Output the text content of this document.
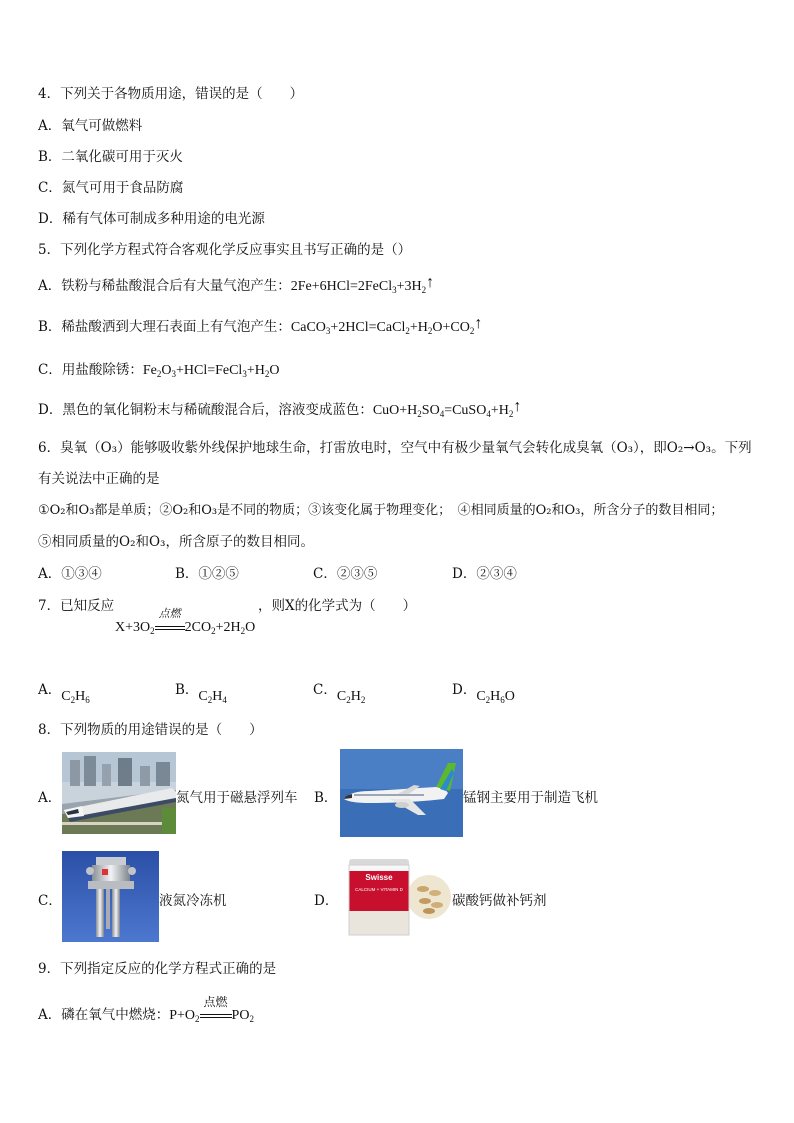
4．下列关于各物质用途，错误的是（　　）
A．氧气可做燃料
B．二氧化碳可用于灭火
C．氮气可用于食品防腐
D．稀有气体可制成多种用途的电光源
5．下列化学方程式符合客观化学反应事实且书写正确的是（）
A．铁粉与稀盐酸混合后有大量气泡产生：$2Fe+6HCl=2FeCl_3+3H_2↑$
B．稀盐酸洒到大理石表面上有气泡产生：$CaCO_3+2HCl=CaCl_2+H_2O+CO_2↑$
C．用盐酸除锈：$Fe_2O_3+HCl=FeCl_3+H_2O$
D．黑色的氧化铜粉末与稀硫酸混合后，溶液变成蓝色：$CuO+H_2SO_4=CuSO_4+H_2↑$
6．臭氧（O₃）能够吸收紫外线保护地球生命，打雷放电时，空气中有极少量氧气会转化成臭氧（O₃），即O₂→O₃。下列
有关说法中正确的是
①O₂和O₃都是单质；②O₂和O₃是不同的物质；③该变化属于物理变化；　④相同质量的O₂和O₃，所含分子的数目相同；
⑤相同质量的O₂和O₃，所含原子的数目相同。
A．①③④	B．①②⑤	C．②③⑤	D．②③④
7．已知反应	，则X的化学式为（　　）
$X+3O_2$
点燃
$2CO_2+2H_2O$
A．$C_2H_6$
B．$C_2H_4$
C．$C_2H_2$
D．$C_2H_6O$
8．下列物质的用途错误的是（　　）
A．	氮气用于磁悬浮列车 B．	锰钢主要用于制造飞机
C．	液氮冷冻机	D．
Swisse
CALCIUM + VITAMIN D
碳酸钙做补钙剂
9．下列指定反应的化学方程式正确的是
A．磷在氧气中燃烧：$P+O_2$
点燃
$PO_2$
